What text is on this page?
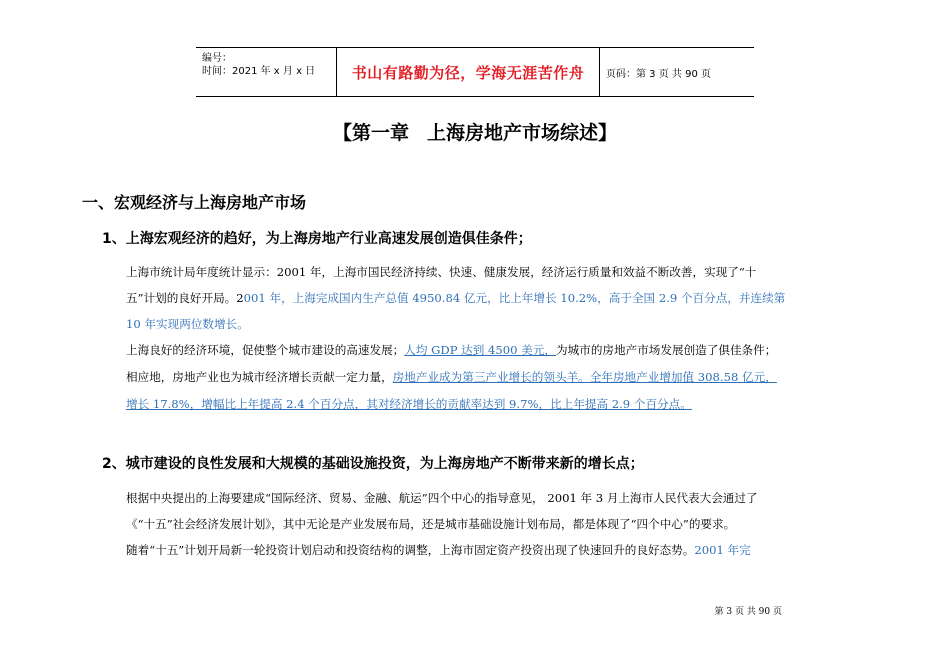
编号：
时间：2021 年 x 月 x 日	书山有路勤为径，学海无涯苦作舟 页码：第 3 页 共 90 页
【第一章 上海房地产市场综述】
一、宏观经济与上海房地产市场
1、上海宏观经济的趋好，为上海房地产行业高速发展创造俱佳条件；
上海市统计局年度统计显示：2001 年，上海市国民经济持续、快速、健康发展，经济运行质量和效益不断改善，实现了“十
五”计划的良好开局。2001 年，上海完成国内生产总值 4950.84 亿元，比上年增长 10.2%，高于全国 2.9 个百分点，并连续第
10 年实现两位数增长。
上海良好的经济环境，促使整个城市建设的高速发展；人均 GDP 达到 4500 美元，为城市的房地产市场发展创造了俱佳条件；
相应地，房地产业也为城市经济增长贡献一定力量，房地产业成为第三产业增长的领头羊。全年房地产业增加值 308.58 亿元，
增长 17.8%，增幅比上年提高 2.4 个百分点，其对经济增长的贡献率达到 9.7%，比上年提高 2.9 个百分点。
2、城市建设的良性发展和大规模的基础设施投资，为上海房地产不断带来新的增长点；
根据中央提出的上海要建成“国际经济、贸易、金融、航运”四个中心的指导意见， 2001 年 3 月上海市人民代表大会通过了
《“十五”社会经济发展计划》，其中无论是产业发展布局，还是城市基础设施计划布局，都是体现了“四个中心”的要求。
随着“十五”计划开局新一轮投资计划启动和投资结构的调整，上海市固定资产投资出现了快速回升的良好态势。2001 年完
第 3 页 共 90 页
